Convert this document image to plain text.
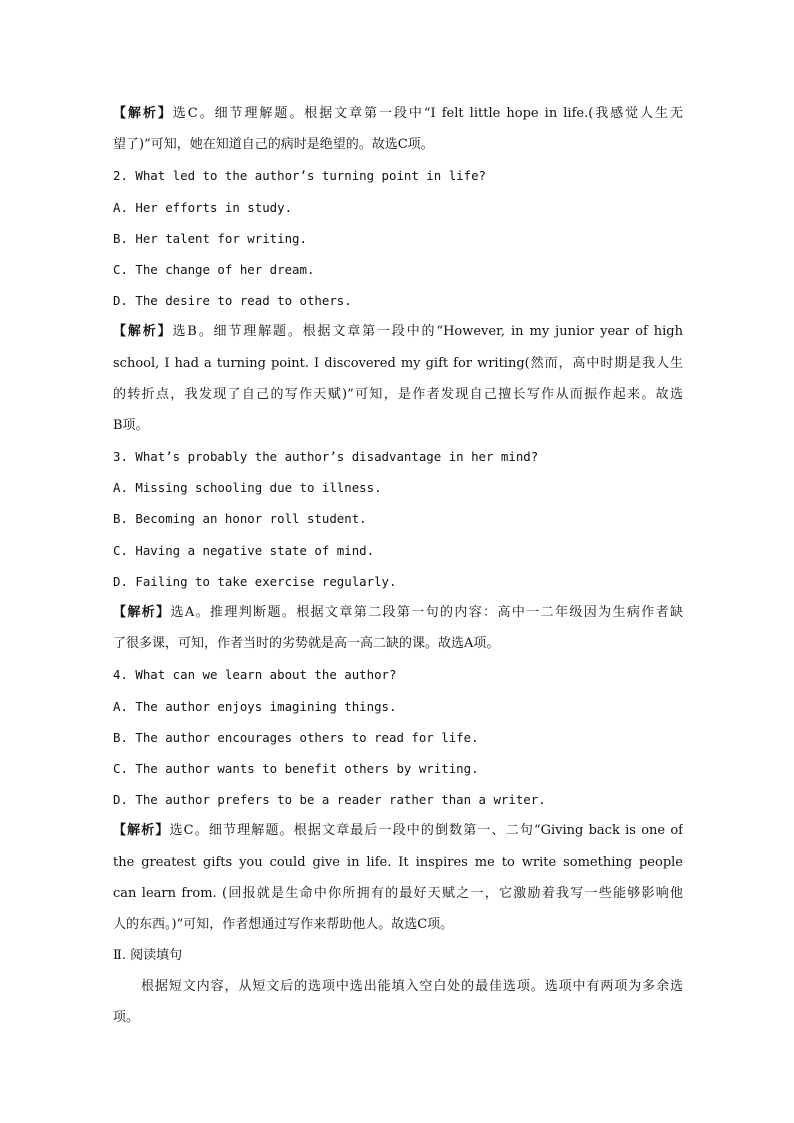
【解析】选C。细节理解题。根据文章第一段中“I felt little hope in life.(我感觉人生无
望了)”可知，她在知道自己的病时是绝望的。故选C项。
2. What led to the author’s turning point in life?
A. Her efforts in study.
B. Her talent for writing.
C. The change of her dream.
D. The desire to read to others.
【解析】选B。细节理解题。根据文章第一段中的“However, in my junior year of high
school, I had a turning point. I discovered my gift for writing(然而，高中时期是我人生
的转折点，我发现了自己的写作天赋)”可知，是作者发现自己擅长写作从而振作起来。故选
B项。
3. What’s probably the author’s disadvantage in her mind?
A. Missing schooling due to illness.
B. Becoming an honor roll student.
C. Having a negative state of mind.
D. Failing to take exercise regularly.
【解析】选A。推理判断题。根据文章第二段第一句的内容：高中一二年级因为生病作者缺
了很多课，可知，作者当时的劣势就是高一高二缺的课。故选A项。
4. What can we learn about the author?
A. The author enjoys imagining things.
B. The author encourages others to read for life.
C. The author wants to benefit others by writing.
D. The author prefers to be a reader rather than a writer.
【解析】选C。细节理解题。根据文章最后一段中的倒数第一、二句“Giving back is one of
the greatest gifts you could give in life. It inspires me to write something people
can learn from. (回报就是生命中你所拥有的最好天赋之一，它激励着我写一些能够影响他
人的东西。)”可知，作者想通过写作来帮助他人。故选C项。
Ⅱ. 阅读填句
根据短文内容，从短文后的选项中选出能填入空白处的最佳选项。选项中有两项为多余选
项。
